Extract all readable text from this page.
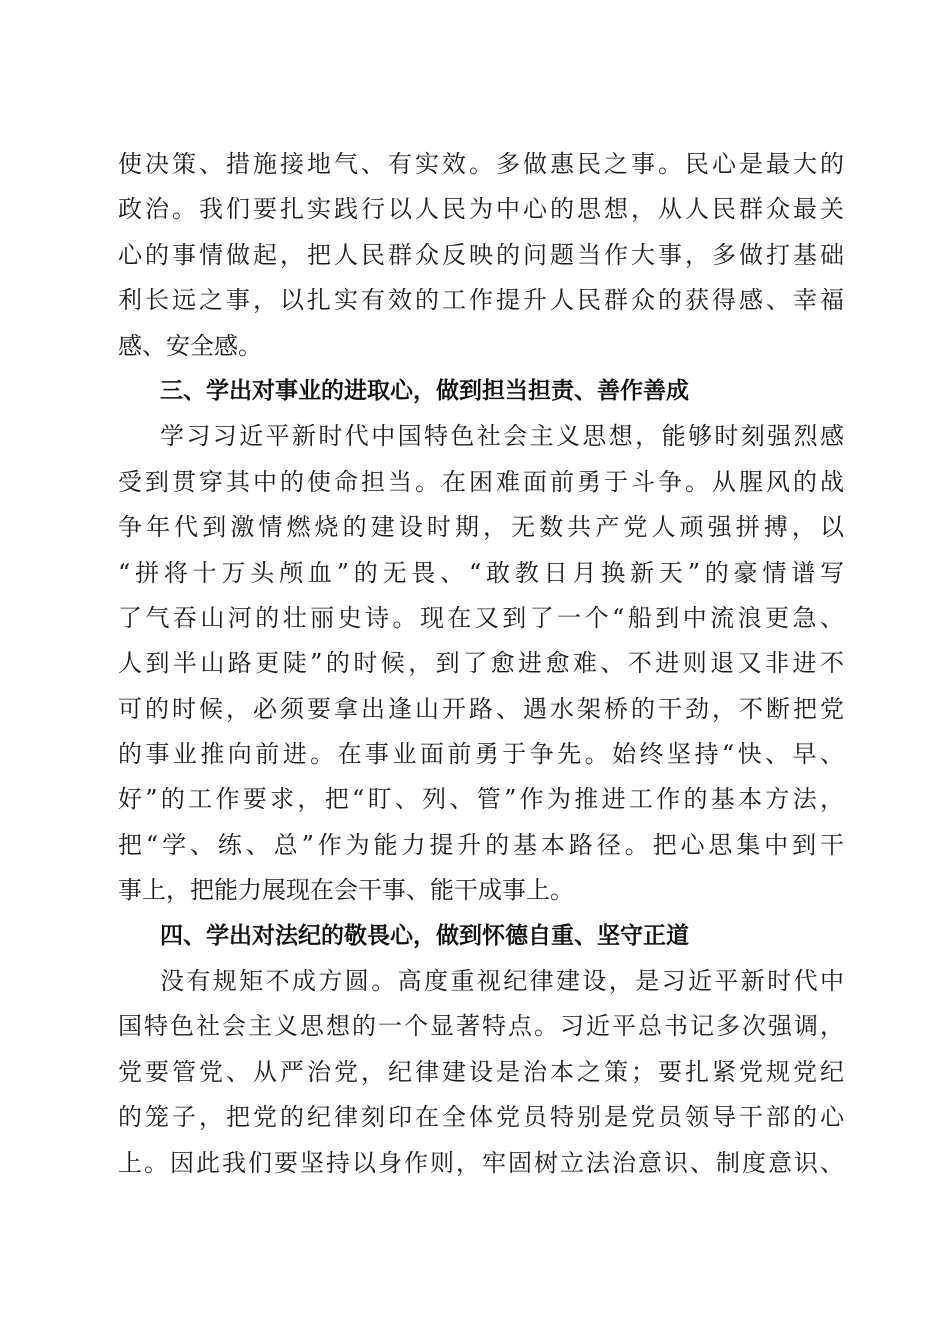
使决策、措施接地气、有实效。多做惠民之事。民心是最大的
政治。我们要扎实践行以人民为中心的思想，从人民群众最关
心的事情做起，把人民群众反映的问题当作大事，多做打基础
利长远之事，以扎实有效的工作提升人民群众的获得感、幸福
感、安全感。
三、学出对事业的进取心，做到担当担责、善作善成
学习习近平新时代中国特色社会主义思想，能够时刻强烈感
受到贯穿其中的使命担当。在困难面前勇于斗争。从腥风的战
争年代到激情燃烧的建设时期，无数共产党人顽强拼搏，以
“拼将十万头颅血”的无畏、“敢教日月换新天”的豪情谱写
了气吞山河的壮丽史诗。现在又到了一个“船到中流浪更急、
人到半山路更陡”的时候，到了愈进愈难、不进则退又非进不
可的时候，必须要拿出逢山开路、遇水架桥的干劲，不断把党
的事业推向前进。在事业面前勇于争先。始终坚持“快、早、
好”的工作要求，把“盯、列、管”作为推进工作的基本方法，
把“学、练、总”作为能力提升的基本路径。把心思集中到干
事上，把能力展现在会干事、能干成事上。
四、学出对法纪的敬畏心，做到怀德自重、坚守正道
没有规矩不成方圆。高度重视纪律建设，是习近平新时代中
国特色社会主义思想的一个显著特点。习近平总书记多次强调，
党要管党、从严治党，纪律建设是治本之策；要扎紧党规党纪
的笼子，把党的纪律刻印在全体党员特别是党员领导干部的心
上。因此我们要坚持以身作则，牢固树立法治意识、制度意识、
